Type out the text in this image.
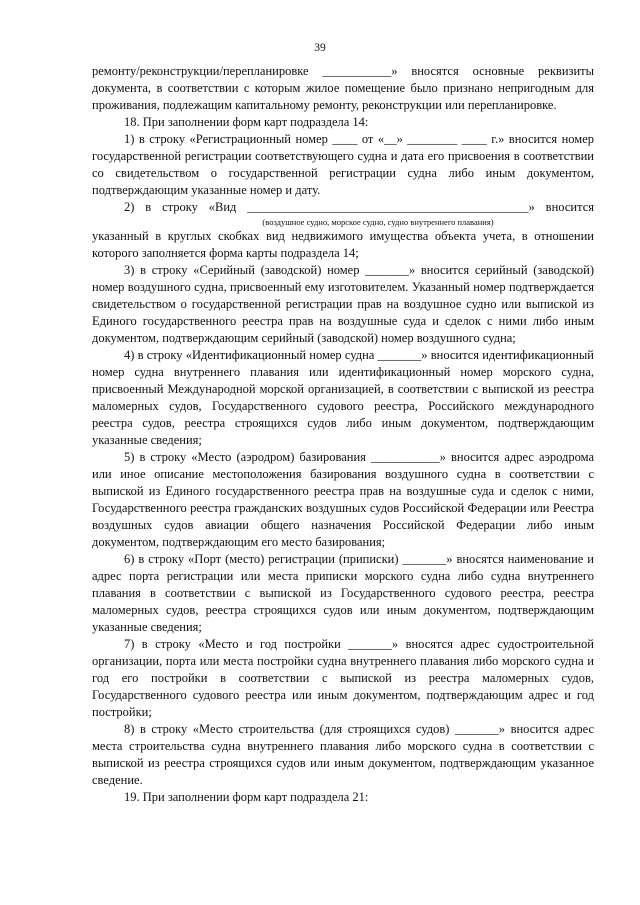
39

ремонту/реконструкции/перепланировке ___________» вносятся основные реквизиты документа, в соответствии с которым жилое помещение было признано непригодным для проживания, подлежащим капитальному ремонту, реконструкции или перепланировке.

18. При заполнении форм карт подраздела 14:

1) в строку «Регистрационный номер ____ от «__» ________ ____ г.» вносится номер государственной регистрации соответствующего судна и дата его присвоения в соответствии со свидетельством о государственной регистрации судна либо иным документом, подтверждающим указанные номер и дату.

2) в строку «Вид _____________________________________________» вносится

(воздушное судно, морское судно, судно внутреннего плавания)

указанный в круглых скобках вид недвижимого имущества объекта учета, в отношении которого заполняется форма карты подраздела 14;

3) в строку «Серийный (заводской) номер _______» вносится серийный (заводской) номер воздушного судна, присвоенный ему изготовителем. Указанный номер подтверждается свидетельством о государственной регистрации прав на воздушное судно или выпиской из Единого государственного реестра прав на воздушные суда и сделок с ними либо иным документом, подтверждающим серийный (заводской) номер воздушного судна;

4) в строку «Идентификационный номер судна _______» вносится идентификационный номер судна внутреннего плавания или идентификационный номер морского судна, присвоенный Международной морской организацией, в соответствии с выпиской из реестра маломерных судов, Государственного судового реестра, Российского международного реестра судов, реестра строящихся судов либо иным документом, подтверждающим указанные сведения;

5) в строку «Место (аэродром) базирования ___________» вносится адрес аэродрома или иное описание местоположения базирования воздушного судна в соответствии с выпиской из Единого государственного реестра прав на воздушные суда и сделок с ними, Государственного реестра гражданских воздушных судов Российской Федерации или Реестра воздушных судов авиации общего назначения Российской Федерации либо иным документом, подтверждающим его место базирования;

6) в строку «Порт (место) регистрации (приписки) _______» вносятся наименование и адрес порта регистрации или места приписки морского судна либо судна внутреннего плавания в соответствии с выпиской из Государственного судового реестра, реестра маломерных судов, реестра строящихся судов или иным документом, подтверждающим указанные сведения;

7) в строку «Место и год постройки _______» вносятся адрес судостроительной организации, порта или места постройки судна внутреннего плавания либо морского судна и год его постройки в соответствии с выпиской из реестра маломерных судов, Государственного судового реестра или иным документом, подтверждающим адрес и год постройки;

8) в строку «Место строительства (для строящихся судов) _______» вносится адрес места строительства судна внутреннего плавания либо морского судна в соответствии с выпиской из реестра строящихся судов или иным документом, подтверждающим указанное сведение.

19. При заполнении форм карт подраздела 21:
